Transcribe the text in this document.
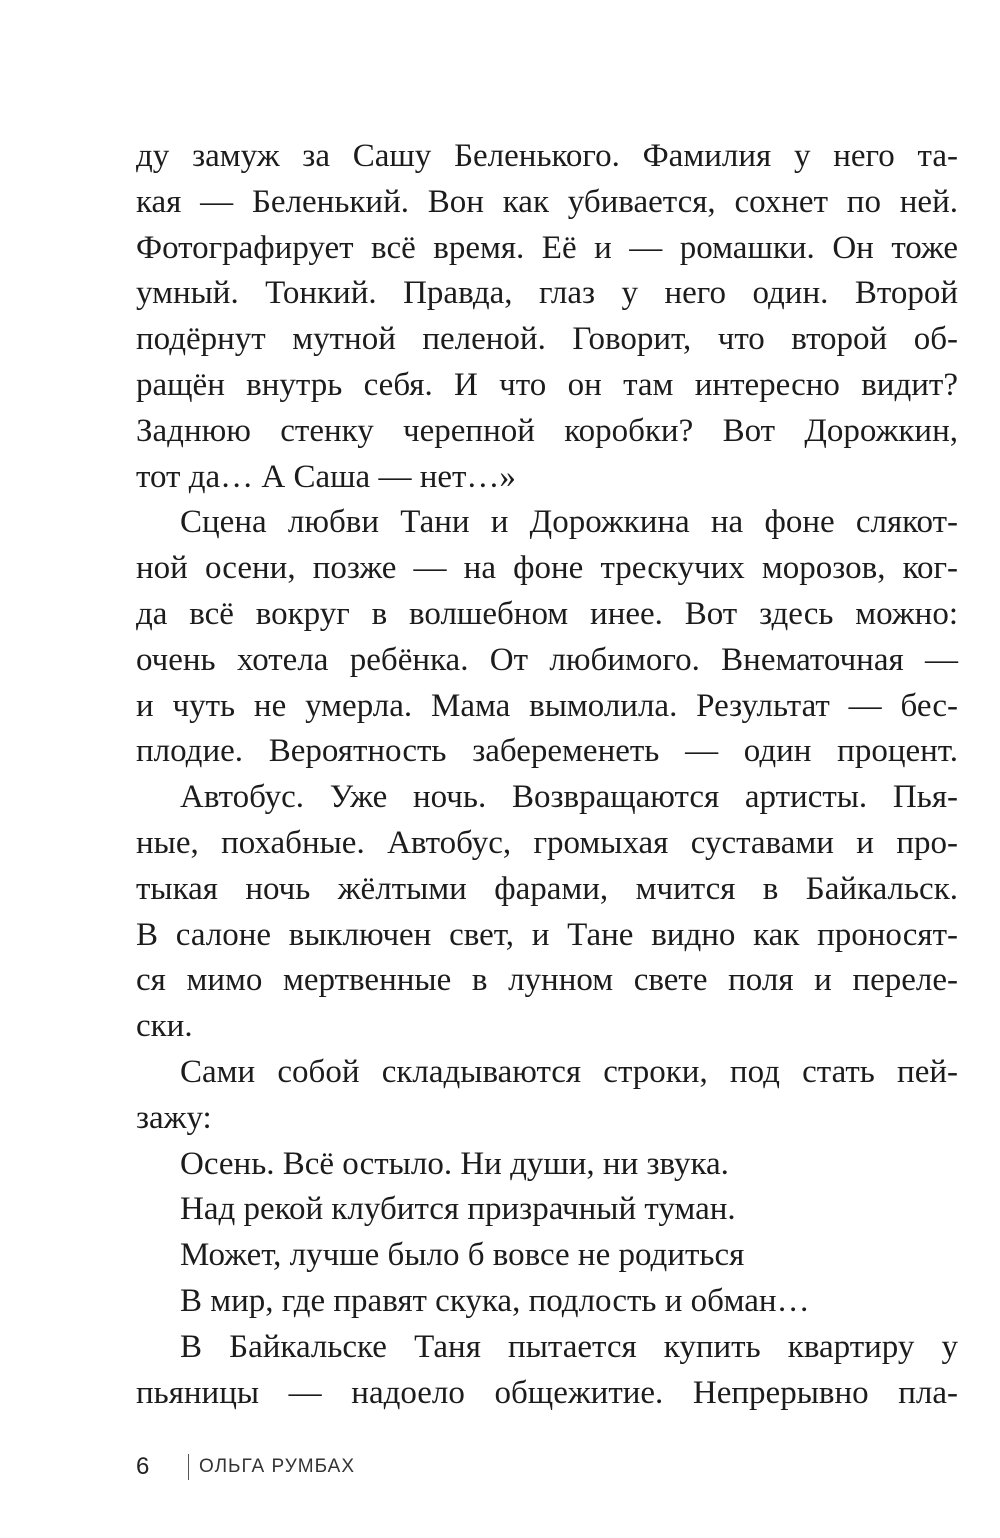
ду замуж за Сашу Беленького. Фамилия у него та-
кая — Беленький. Вон как убивается, сохнет по ней.
Фотографирует всё время. Её и — ромашки. Он тоже
умный. Тонкий. Правда, глаз у него один. Второй
подёрнут мутной пеленой. Говорит, что второй об-
ращён внутрь себя. И что он там интересно видит?
Заднюю стенку черепной коробки? Вот Дорожкин,
тот да… А Саша — нет…»
Сцена любви Тани и Дорожкина на фоне слякот-
ной осени, позже — на фоне трескучих морозов, ког-
да всё вокруг в волшебном инее. Вот здесь можно:
очень хотела ребёнка. От любимого. Внематочная —
и чуть не умерла. Мама вымолила. Результат — бес-
плодие. Вероятность забеременеть — один процент.
Автобус. Уже ночь. Возвращаются артисты. Пья-
ные, похабные. Автобус, громыхая суставами и про-
тыкая ночь жёлтыми фарами, мчится в Байкальск.
В салоне выключен свет, и Тане видно как проносят-
ся мимо мертвенные в лунном свете поля и переле-
ски.
Сами собой складываются строки, под стать пей-
зажу:
Осень. Всё остыло. Ни души, ни звука.
Над рекой клубится призрачный туман.
Может, лучше было б вовсе не родиться
В мир, где правят скука, подлость и обман…
В Байкальске Таня пытается купить квартиру у
пьяницы — надоело общежитие. Непрерывно пла-
6	ОЛЬГА РУМБАХ
